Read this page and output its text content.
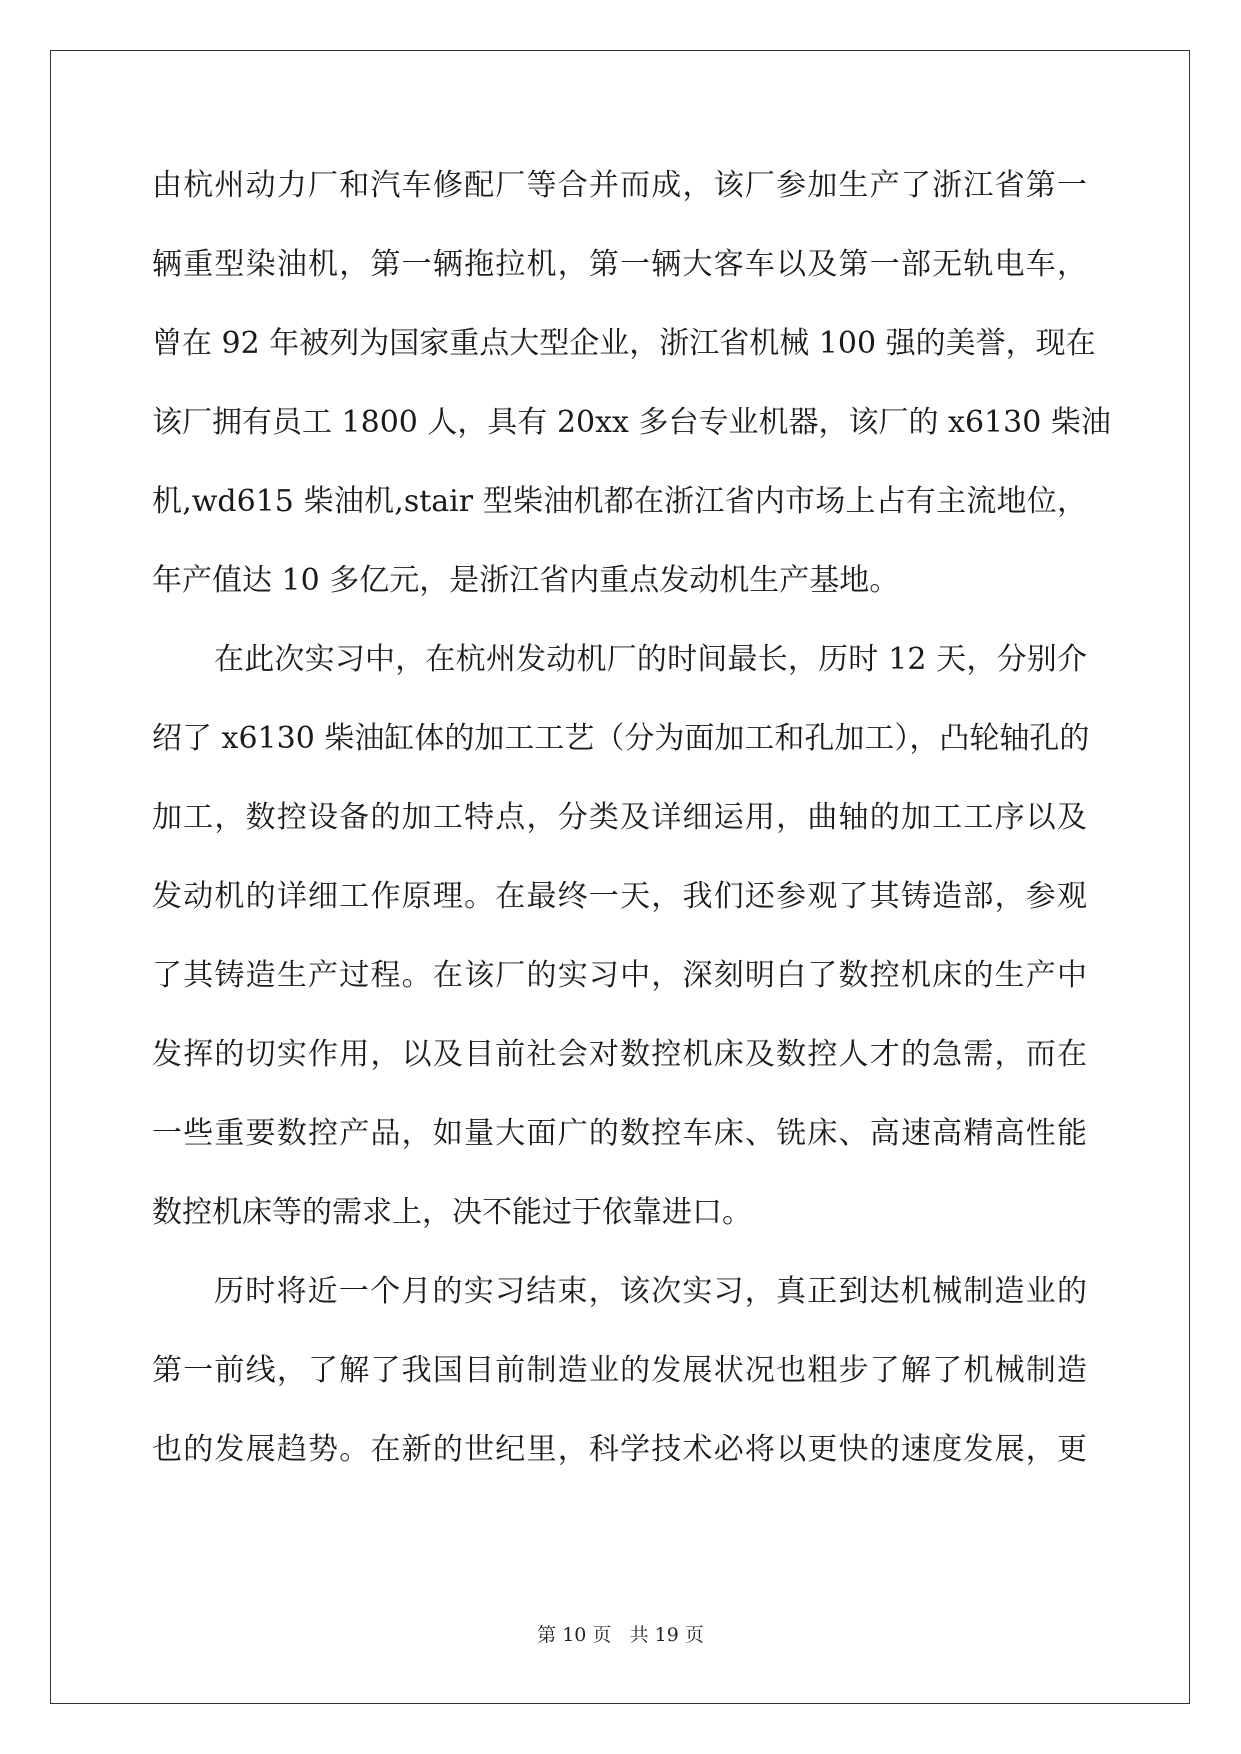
由杭州动力厂和汽车修配厂等合并而成，该厂参加生产了浙江省第一
辆重型染油机，第一辆拖拉机，第一辆大客车以及第一部无轨电车，
曾在 92 年被列为国家重点大型企业，浙江省机械 100 强的美誉，现在
该厂拥有员工 1800 人，具有 20xx 多台专业机器，该厂的 x6130 柴油
机,wd615 柴油机,stair 型柴油机都在浙江省内市场上占有主流地位，
年产值达 10 多亿元，是浙江省内重点发动机生产基地。
在此次实习中，在杭州发动机厂的时间最长，历时 12 天，分别介
绍了 x6130 柴油缸体的加工工艺（分为面加工和孔加工），凸轮轴孔的
加工，数控设备的加工特点，分类及详细运用，曲轴的加工工序以及
发动机的详细工作原理。在最终一天，我们还参观了其铸造部，参观
了其铸造生产过程。在该厂的实习中，深刻明白了数控机床的生产中
发挥的切实作用，以及目前社会对数控机床及数控人才的急需，而在
一些重要数控产品，如量大面广的数控车床、铣床、高速高精高性能
数控机床等的需求上，决不能过于依靠进口。
历时将近一个月的实习结束，该次实习，真正到达机械制造业的
第一前线，了解了我国目前制造业的发展状况也粗步了解了机械制造
也的发展趋势。在新的世纪里，科学技术必将以更快的速度发展，更
第 10 页 共 19 页
